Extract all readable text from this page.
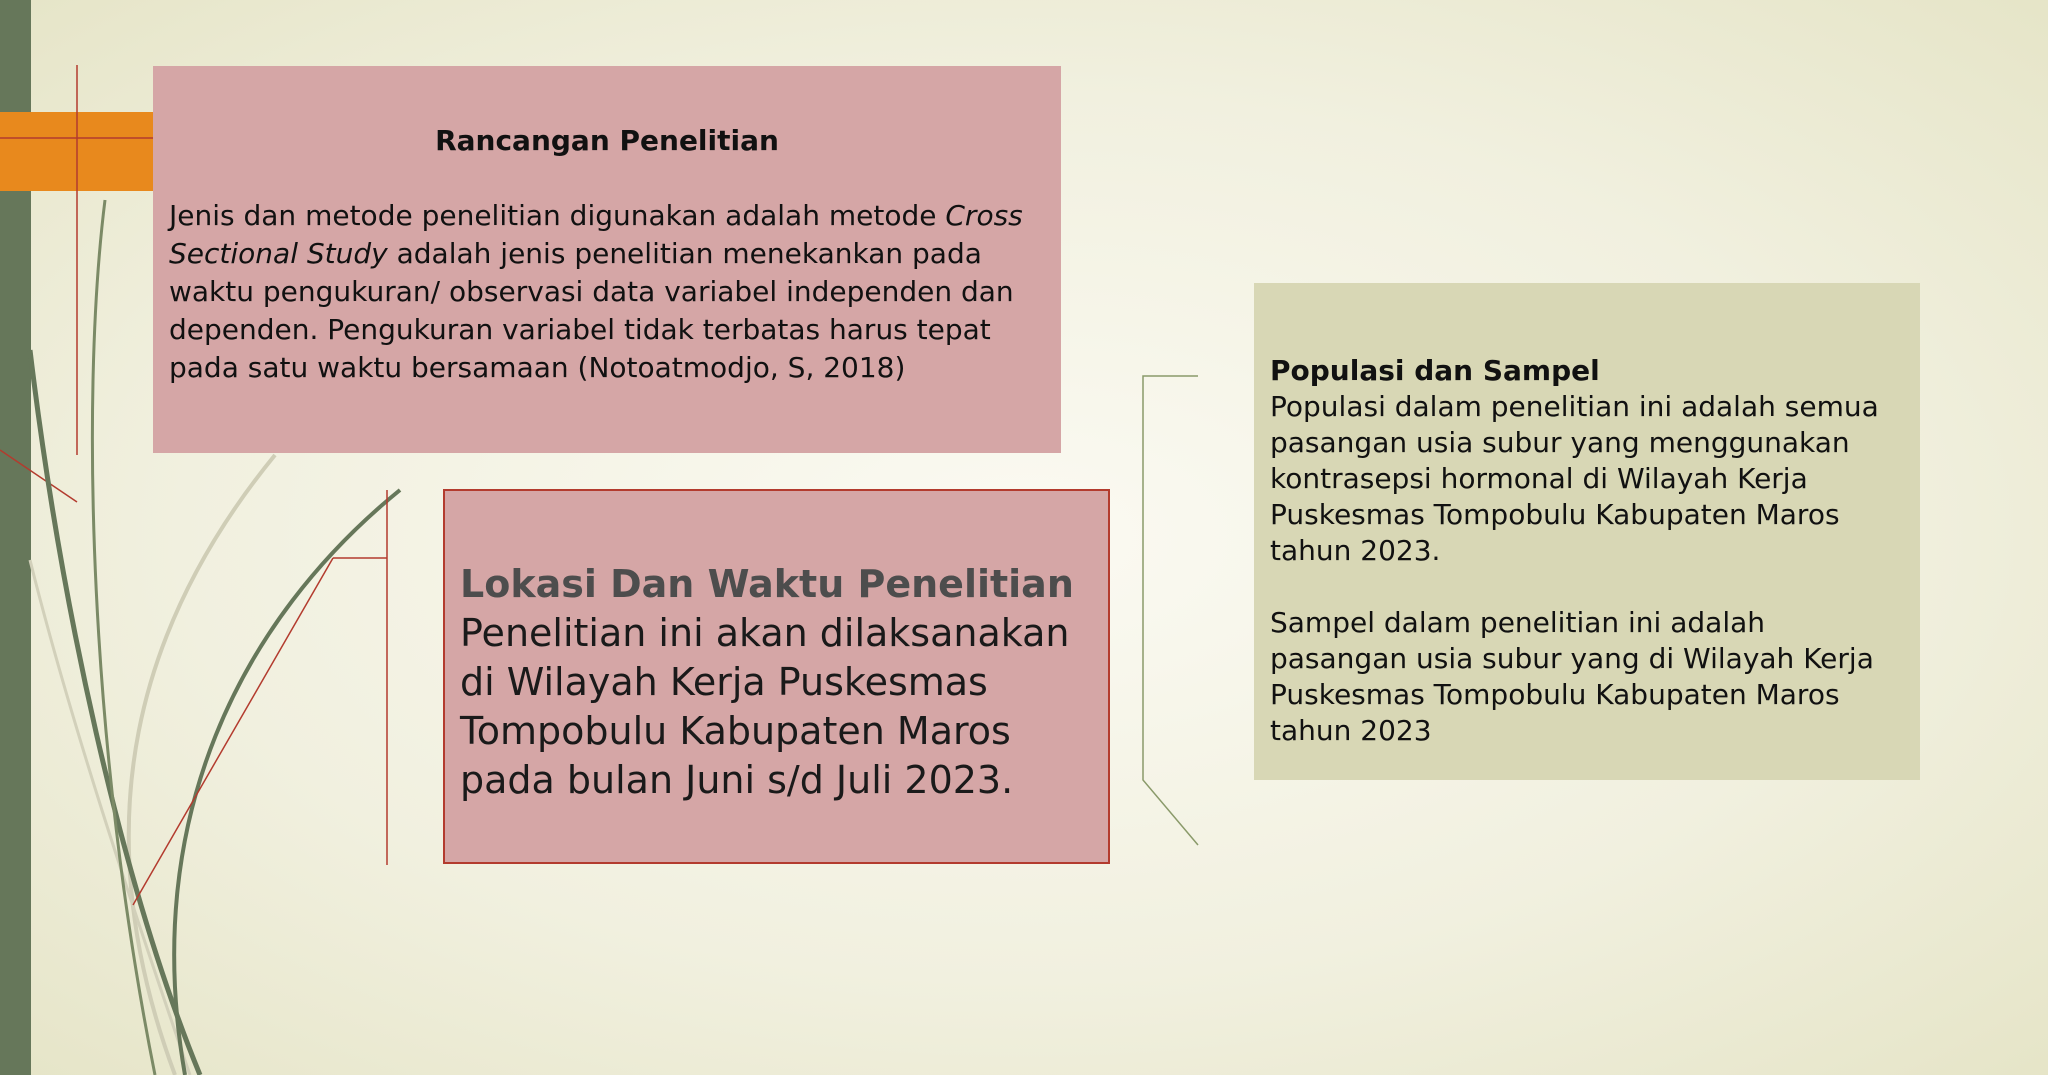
Rancangan Penelitian

Jenis dan metode penelitian digunakan adalah metode Cross Sectional Study adalah jenis penelitian menekankan pada waktu pengukuran/ observasi data variabel independen dan dependen. Pengukuran variabel tidak terbatas harus tepat pada satu waktu bersamaan (Notoatmodjo, S, 2018)

Lokasi Dan Waktu Penelitian

Penelitian ini akan dilaksanakan di Wilayah Kerja Puskesmas Tompobulu Kabupaten Maros pada bulan Juni s/d Juli 2023.

Populasi dan Sampel

Populasi dalam penelitian ini adalah semua pasangan usia subur yang menggunakan kontrasepsi hormonal di Wilayah Kerja Puskesmas Tompobulu Kabupaten Maros tahun 2023.

Sampel dalam penelitian ini adalah pasangan usia subur yang di Wilayah Kerja Puskesmas Tompobulu Kabupaten Maros tahun 2023
